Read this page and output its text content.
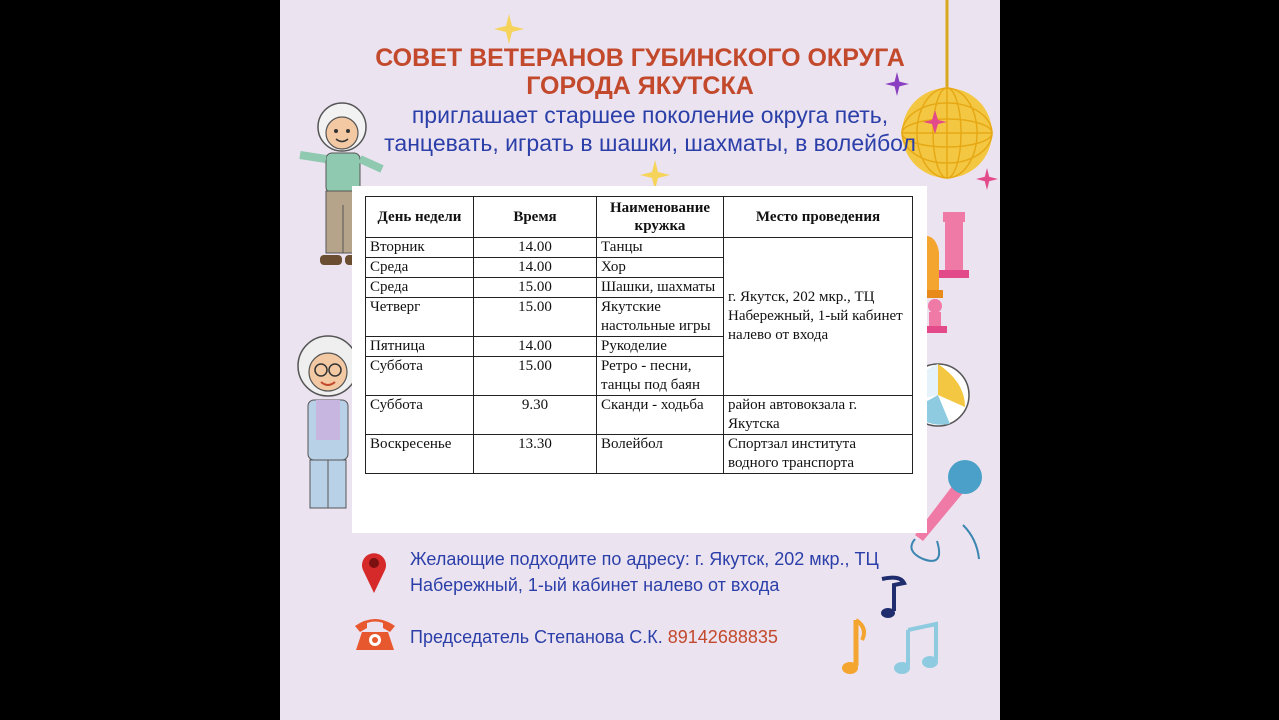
СОВЕТ ВЕТЕРАНОВ ГУБИНСКОГО ОКРУГА
ГОРОДА ЯКУТСКА
приглашает старшее поколение округа петь, танцевать, играть в шашки, шахматы, в волейбол
День недели	Время	Наименование кружка	Место проведения
Вторник	14.00	Танцы	г. Якутск, 202 мкр., ТЦ Набережный, 1-ый кабинет налево от входа
Среда	14.00	Хор	
Среда	15.00	Шашки, шахматы	
Четверг	15.00	Якутские настольные игры	
Пятница	14.00	Рукоделие	
Суббота	15.00	Ретро - песни, танцы под баян	
Суббота	9.30	Сканди - ходьба	район автовокзала г. Якутска
Воскресенье	13.30	Волейбол	Спортзал института водного транспорта
Желающие подходите по адресу: г. Якутск, 202 мкр., ТЦ Набережный, 1-ый кабинет налево от входа
Председатель Степанова С.К. 89142688835
